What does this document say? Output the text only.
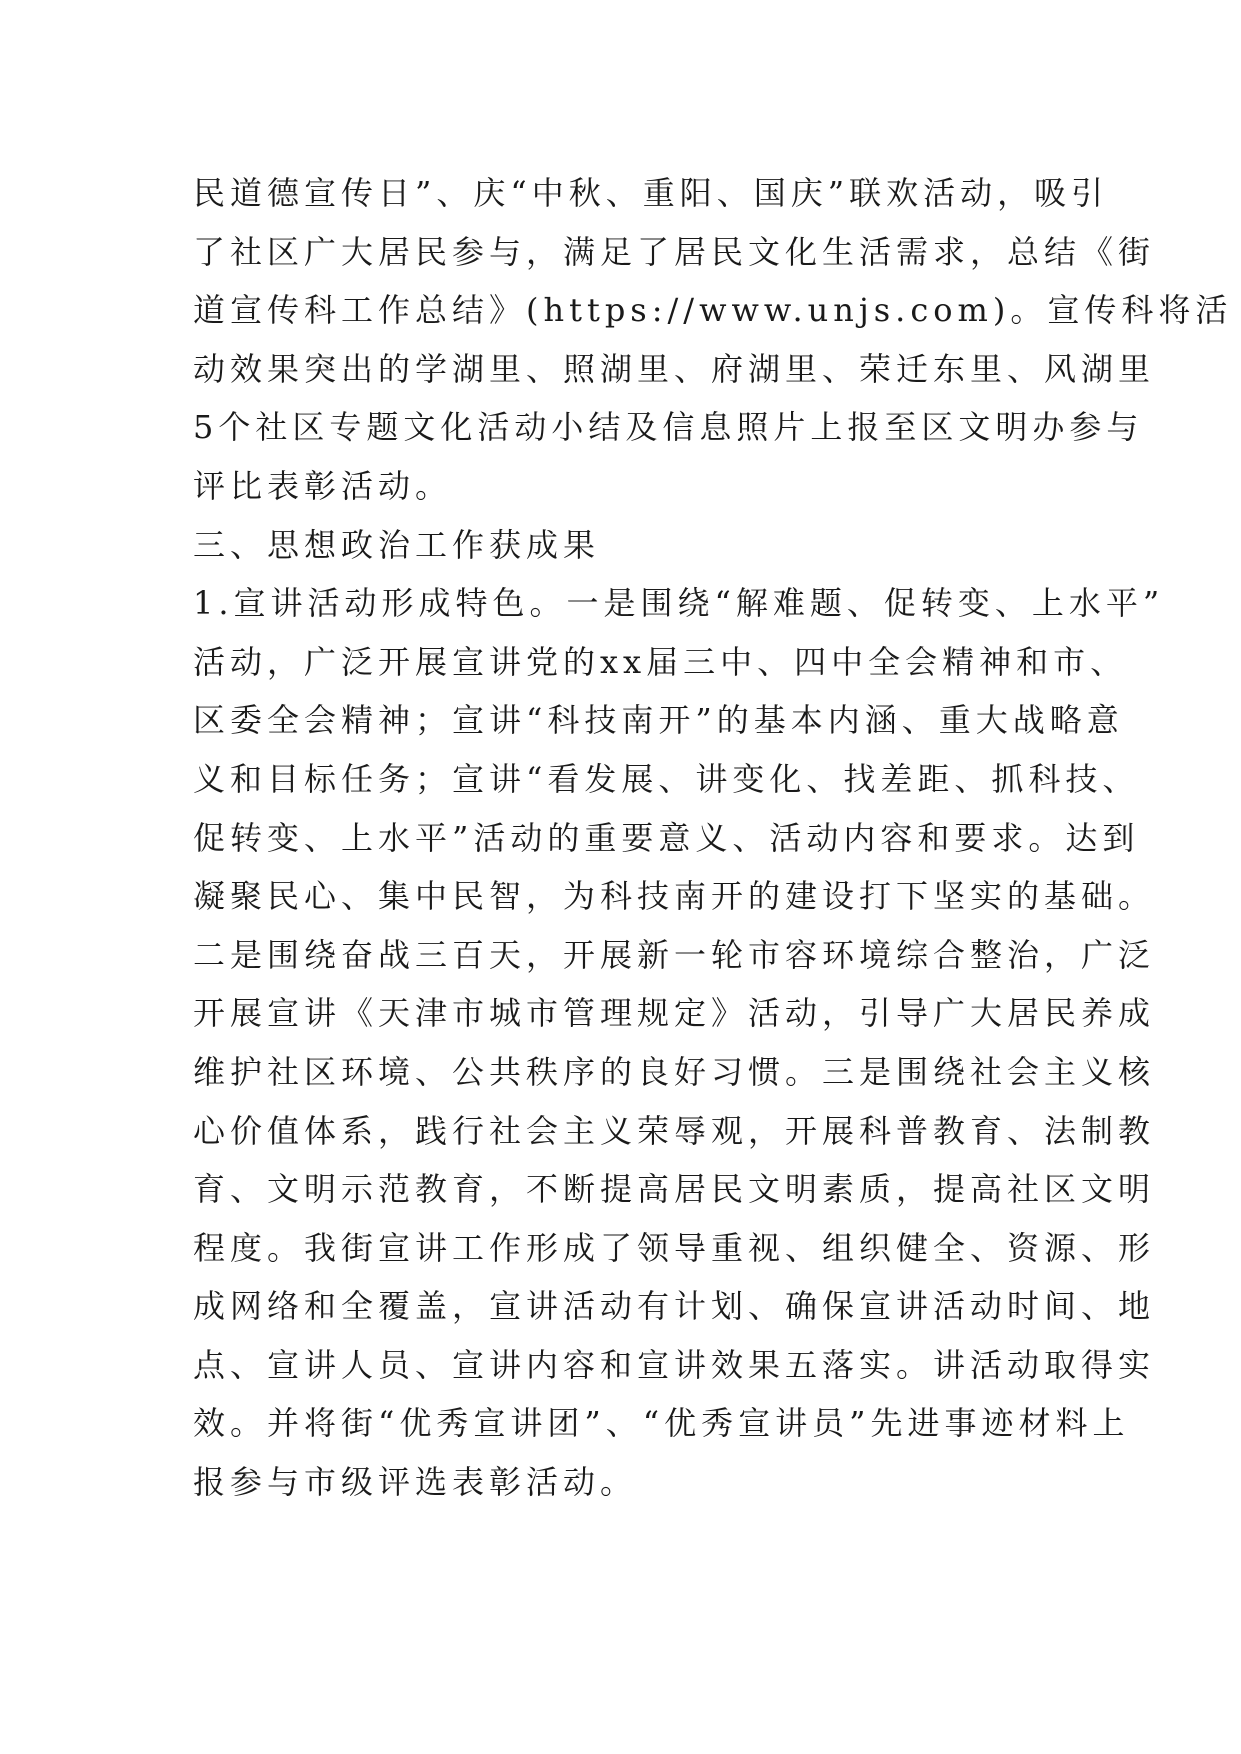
民道德宣传日”、庆“中秋、重阳、国庆”联欢活动，吸引
了社区广大居民参与，满足了居民文化生活需求，总结《街
道宣传科工作总结》(https://www.unjs.com)。宣传科将活
动效果突出的学湖里、照湖里、府湖里、荣迁东里、风湖里
5个社区专题文化活动小结及信息照片上报至区文明办参与
评比表彰活动。
三、思想政治工作获成果
1.宣讲活动形成特色。一是围绕“解难题、促转变、上水平”
活动，广泛开展宣讲党的xx届三中、四中全会精神和市、
区委全会精神；宣讲“科技南开”的基本内涵、重大战略意
义和目标任务；宣讲“看发展、讲变化、找差距、抓科技、
促转变、上水平”活动的重要意义、活动内容和要求。达到
凝聚民心、集中民智，为科技南开的建设打下坚实的基础。
二是围绕奋战三百天，开展新一轮市容环境综合整治，广泛
开展宣讲《天津市城市管理规定》活动，引导广大居民养成
维护社区环境、公共秩序的良好习惯。三是围绕社会主义核
心价值体系，践行社会主义荣辱观，开展科普教育、法制教
育、文明示范教育，不断提高居民文明素质，提高社区文明
程度。我街宣讲工作形成了领导重视、组织健全、资源、形
成网络和全覆盖，宣讲活动有计划、确保宣讲活动时间、地
点、宣讲人员、宣讲内容和宣讲效果五落实。讲活动取得实
效。并将街“优秀宣讲团”、“优秀宣讲员”先进事迹材料上
报参与市级评选表彰活动。
